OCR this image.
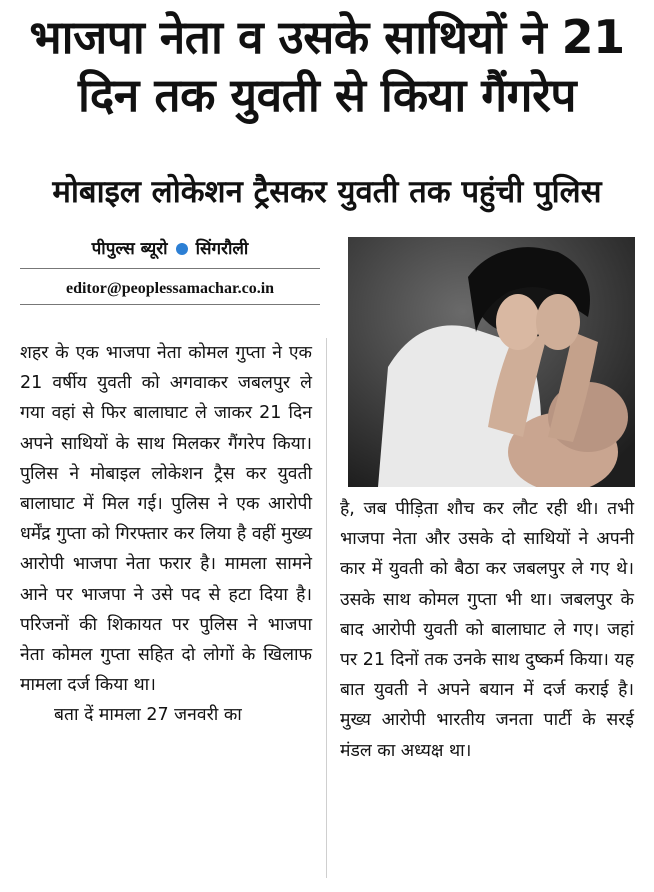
भाजपा नेता व उसके साथियों ने 21
दिन तक युवती से किया गैंगरेप
मोबाइल लोकेशन ट्रैसकर युवती तक पहुंची पुलिस
पीपुल्स ब्यूरो सिंगरौली
editor@peoplessamachar.co.in

शहर के एक भाजपा नेता कोमल गुप्ता ने एक 21 वर्षीय युवती को अगवाकर जबलपुर ले गया वहां से फिर बालाघाट ले जाकर 21 दिन अपने साथियों के साथ मिलकर गैंगरेप किया। पुलिस ने मोबाइल लोकेशन ट्रैस कर युवती बालाघाट में मिल गई। पुलिस ने एक आरोपी धर्मेंद्र गुप्ता को गिरफ्तार कर लिया है वहीं मुख्य आरोपी भाजपा नेता फरार है। मामला सामने आने पर भाजपा ने उसे पद से हटा दिया है। परिजनों की शिकायत पर पुलिस ने भाजपा नेता कोमल गुप्ता सहित दो लोगों के खिलाफ मामला दर्ज किया था।

बता दें मामला 27 जनवरी का

है, जब पीड़िता शौच कर लौट रही थी। तभी भाजपा नेता और उसके दो साथियों ने अपनी कार में युवती को बैठा कर जबलपुर ले गए थे। उसके साथ कोमल गुप्ता भी था। जबलपुर के बाद आरोपी युवती को बालाघाट ले गए। जहां पर 21 दिनों तक उनके साथ दुष्कर्म किया। यह बात युवती ने अपने बयान में दर्ज कराई है। मुख्य आरोपी भारतीय जनता पार्टी के सरई मंडल का अध्यक्ष था।
